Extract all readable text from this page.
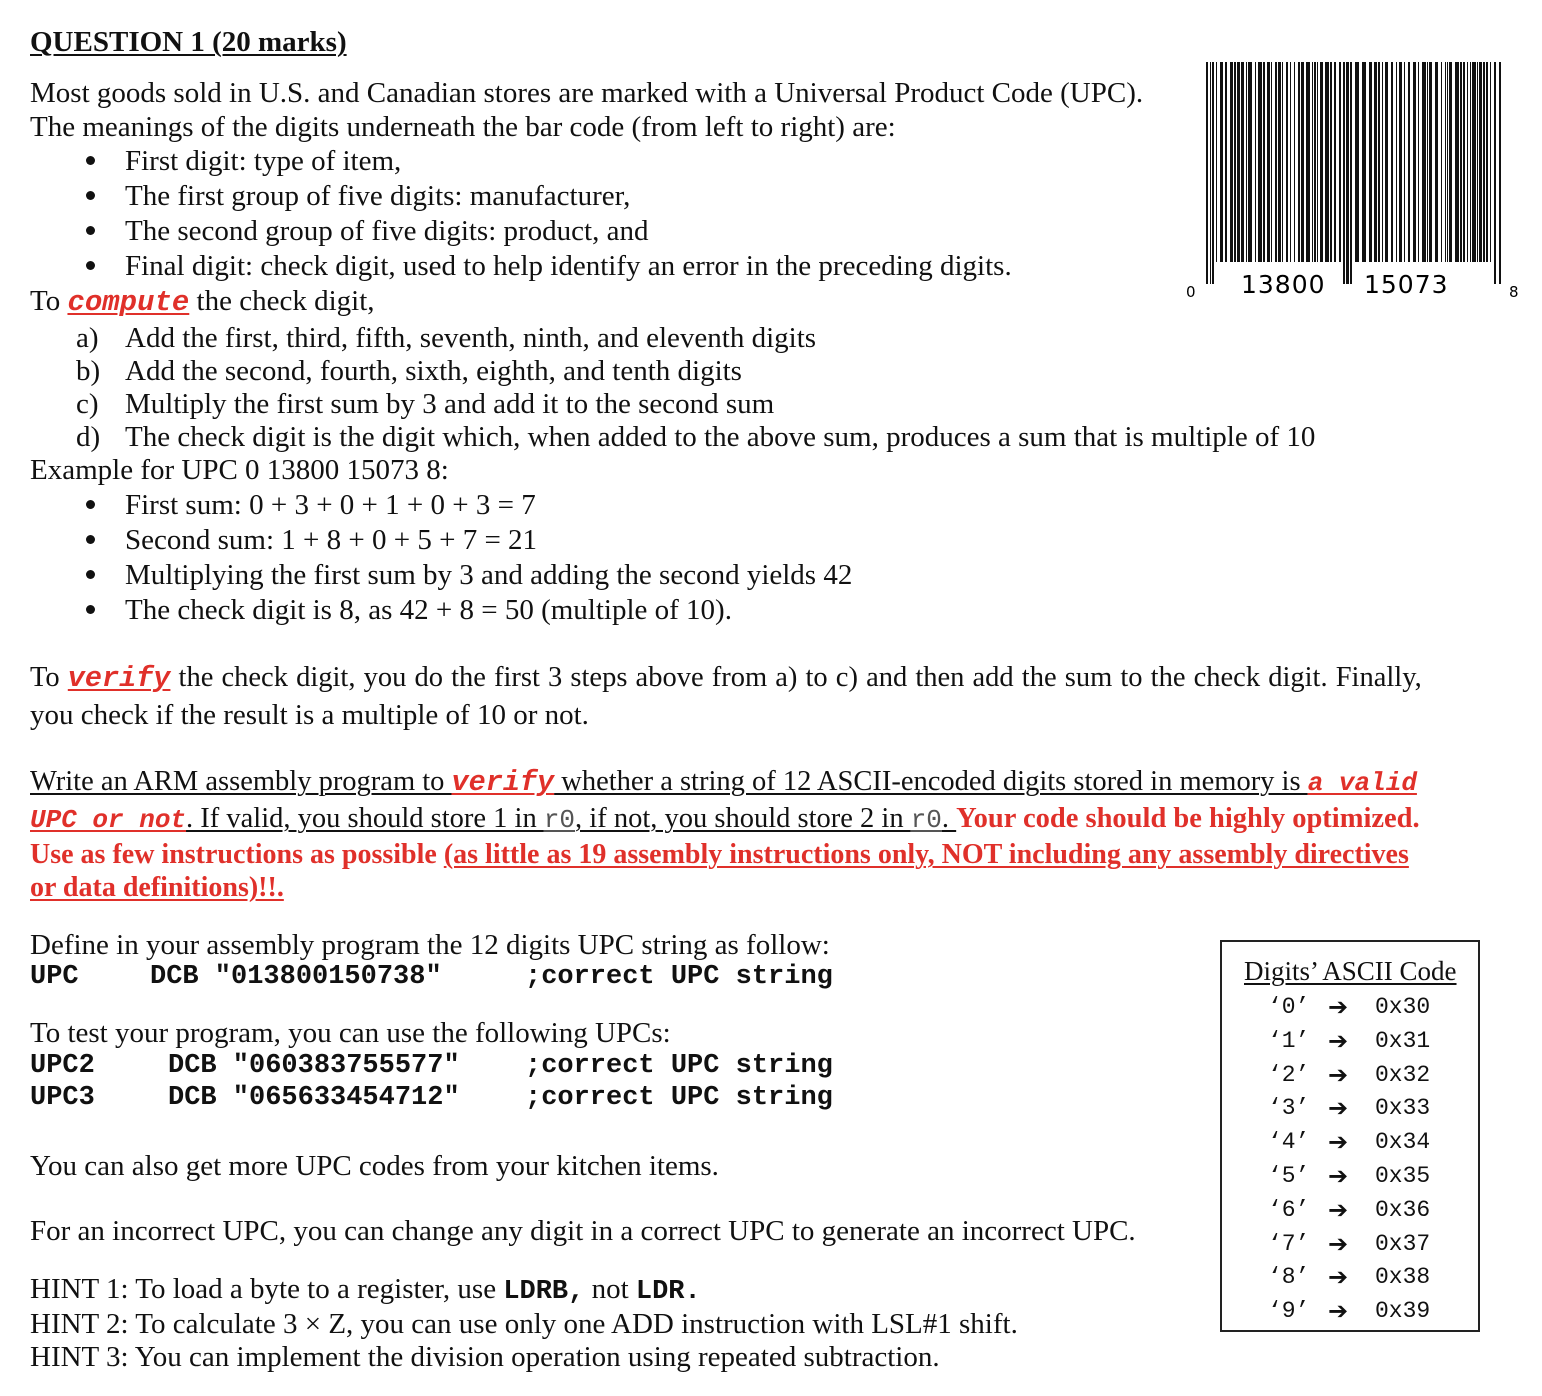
QUESTION 1 (20 marks)
Most goods sold in U.S. and Canadian stores are marked with a Universal Product Code (UPC).
The meanings of the digits underneath the bar code (from left to right) are:
First digit: type of item,
The first group of five digits: manufacturer,
The second group of five digits: product, and
Final digit: check digit, used to help identify an error in the preceding digits.
To compute the check digit,
a) Add the first, third, fifth, seventh, ninth, and eleventh digits
b) Add the second, fourth, sixth, eighth, and tenth digits
c) Multiply the first sum by 3 and add it to the second sum
d) The check digit is the digit which, when added to the above sum, produces a sum that is multiple of 10
Example for UPC 0 13800 15073 8:
First sum: 0 + 3 + 0 + 1 + 0 + 3 = 7
Second sum: 1 + 8 + 0 + 5 + 7 = 21
Multiplying the first sum by 3 and adding the second yields 42
The check digit is 8, as 42 + 8 = 50 (multiple of 10).
To verify the check digit, you do the first 3 steps above from a) to c) and then add the sum to the check digit. Finally,
you check if the result is a multiple of 10 or not.
Write an ARM assembly program to verify whether a string of 12 ASCII-encoded digits stored in memory is a valid
UPC or not. If valid, you should store 1 in r0, if not, you should store 2 in r0. Your code should be highly optimized.
Use as few instructions as possible (as little as 19 assembly instructions only, NOT including any assembly directives
or data definitions)!!.
Define in your assembly program the 12 digits UPC string as follow:
UPC	DCB "013800150738"	;correct UPC string
To test your program, you can use the following UPCs:
UPC2	DCB "060383755577" ;correct UPC string
UPC3	DCB "065633454712" ;correct UPC string
You can also get more UPC codes from your kitchen items.
For an incorrect UPC, you can change any digit in a correct UPC to generate an incorrect UPC.
HINT 1: To load a byte to a register, use LDRB, not LDR.
HINT 2: To calculate 3 × Z, you can use only one ADD instruction with LSL#1 shift.
HINT 3: You can implement the division operation using repeated subtraction.
0 13800 15073	8
Digits’ ASCII Code
‘0’ ➔ 0x30
‘1’ ➔ 0x31
‘2’ ➔ 0x32
‘3’ ➔ 0x33
‘4’ ➔ 0x34
‘5’ ➔ 0x35
‘6’ ➔ 0x36
‘7’ ➔ 0x37
‘8’ ➔ 0x38
‘9’ ➔ 0x39
